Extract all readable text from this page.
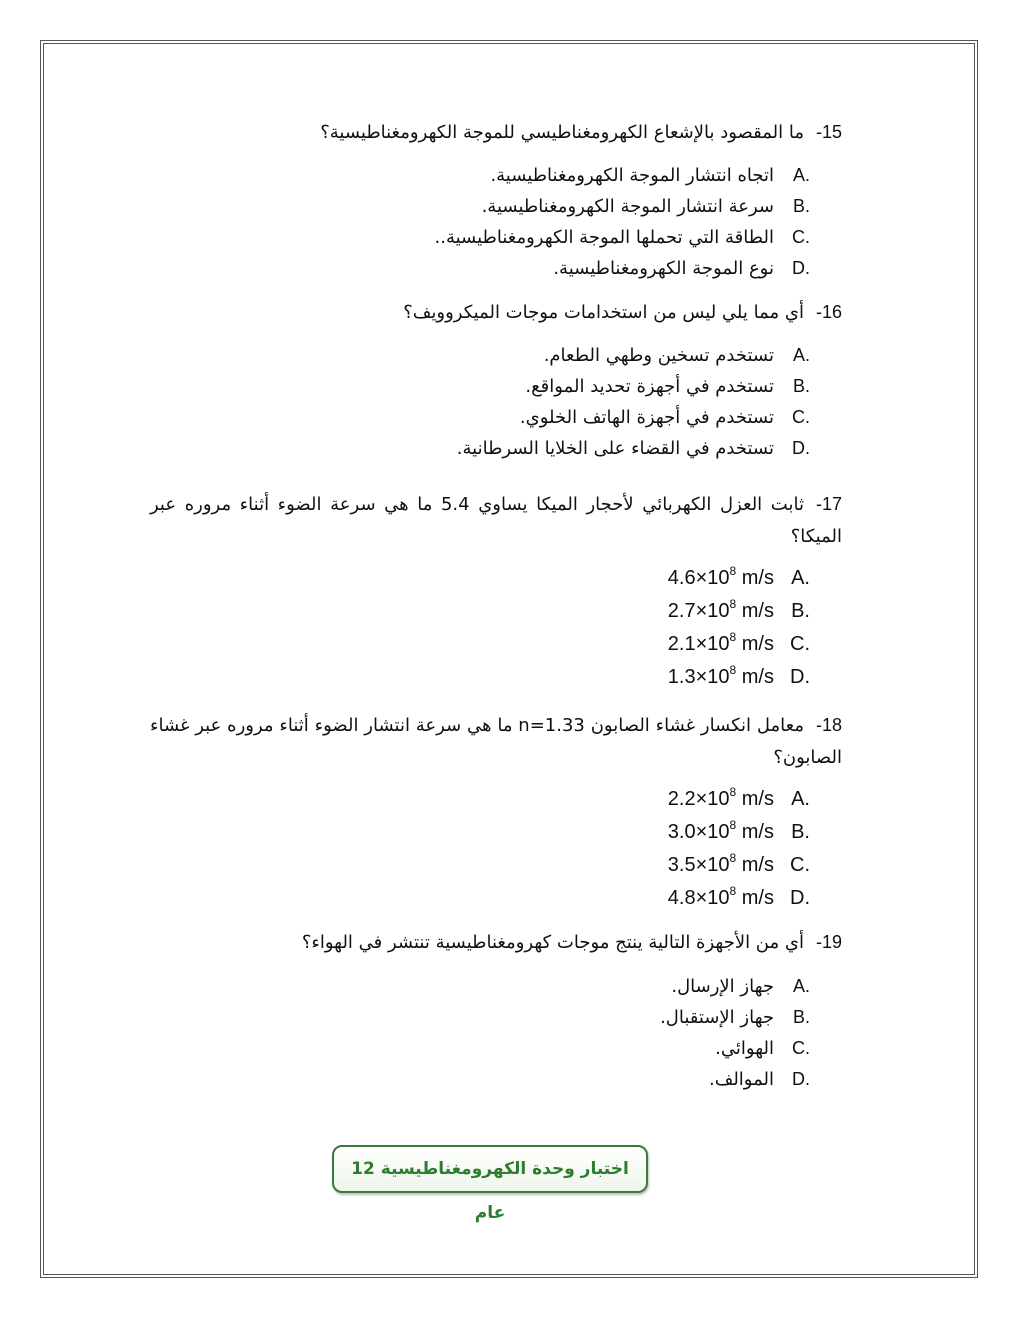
15-ما المقصود بالإشعاع الكهرومغناطيسي للموجة الكهرومغناطيسية؟
A.اتجاه انتشار الموجة الكهرومغناطيسية.
B.سرعة انتشار الموجة الكهرومغناطيسية.
C.الطاقة التي تحملها الموجة الكهرومغناطيسية..
D.نوع الموجة الكهرومغناطيسية.
16-أي مما يلي ليس من استخدامات موجات الميكروويف؟
A.تستخدم تسخين وطهي الطعام.
B.تستخدم في أجهزة تحديد المواقع.
C.تستخدم في أجهزة الهاتف الخلوي.
D.تستخدم في القضاء على الخلايا السرطانية.
17-ثابت العزل الكهربائي لأحجار الميكا يساوي 5.4 ما هي سرعة الضوء أثناء مروره عبر الميكا؟
$A.4.6\times 10^8$ m/s
$B.2.7\times 10^8$ m/s
$C.2.1\times 10^8$ m/s
$D.1.3\times 10^8$ m/s
18-معامل انكسار غشاء الصابون n=1.33 ما هي سرعة انتشار الضوء أثناء مروره عبر غشاء الصابون؟
$A.2.2\times 10^8$ m/s
$B.3.0\times 10^8$ m/s
$C.3.5\times 10^8$ m/s
$D.4.8\times 10^8$ m/s
19-أي من الأجهزة التالية ينتج موجات كهرومغناطيسية تنتشر في الهواء؟
A.جهاز الإرسال.
B.جهاز الإستقبال.
C.الهوائي.
D.الموالف.
اختبار وحدة الكهرومغناطيسية 12 عام
